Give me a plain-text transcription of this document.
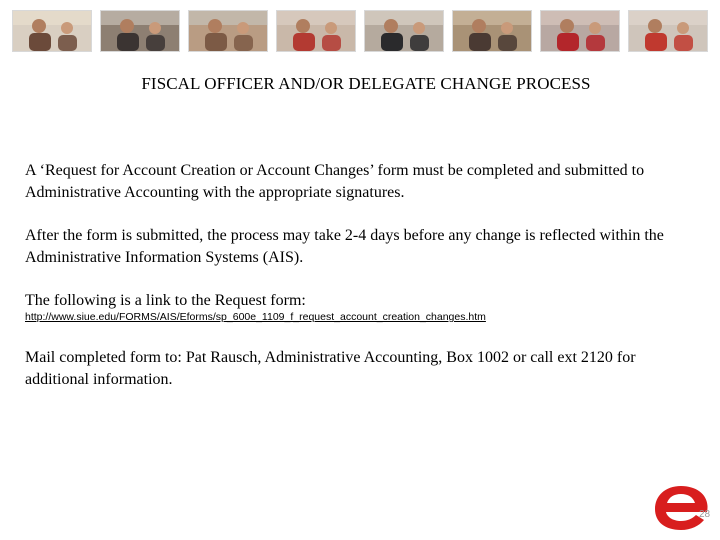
FISCAL OFFICER AND/OR DELEGATE CHANGE PROCESS
A ‘Request for Account Creation or Account Changes’ form must be completed and submitted to Administrative Accounting with the appropriate signatures.
After the form is submitted, the process may take 2-4 days before any change is reflected within the Administrative Information Systems (AIS).
The following is a link to the Request form:
http://www.siue.edu/FORMS/AIS/Eforms/sp_600e_1109_f_request_account_creation_changes.htm
Mail completed form to: Pat Rausch, Administrative Accounting, Box 1002 or call ext 2120 for additional information.
28
